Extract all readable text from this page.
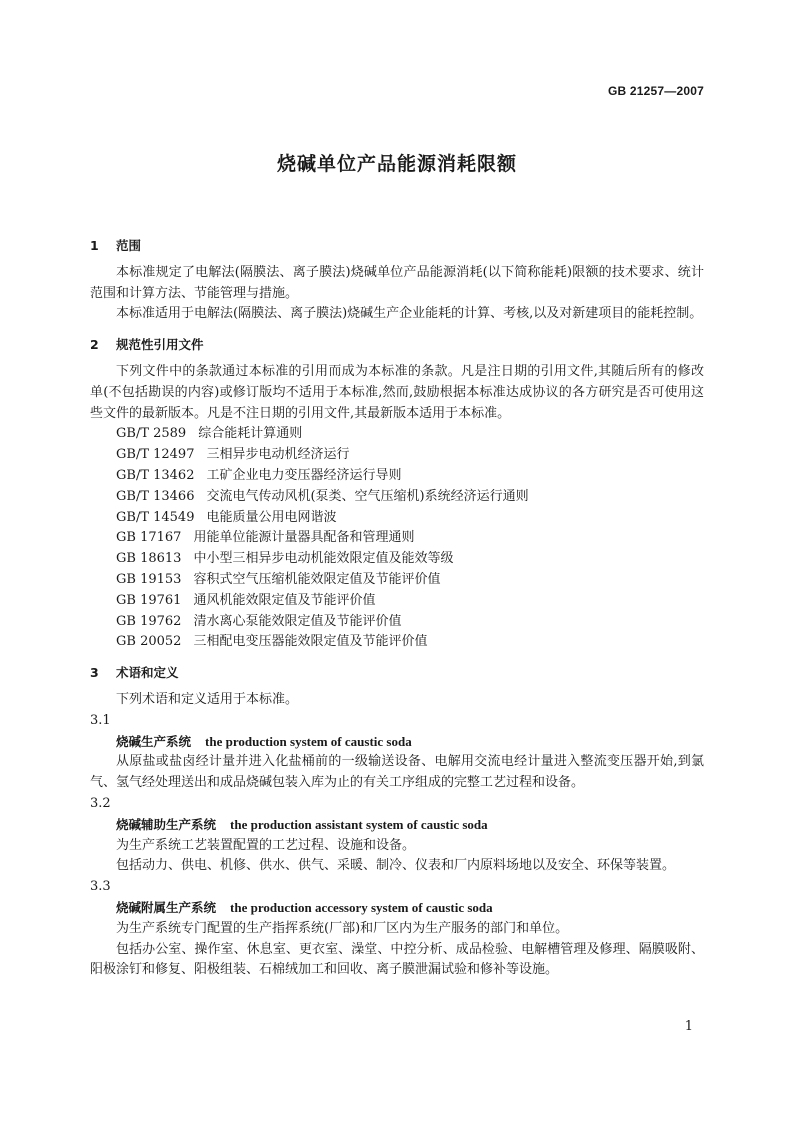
GB 21257—2007
烧碱单位产品能源消耗限额

1 范围

本标准规定了电解法(隔膜法、离子膜法)烧碱单位产品能源消耗(以下简称能耗)限额的技术要求、统计范围和计算方法、节能管理与措施。

本标准适用于电解法(隔膜法、离子膜法)烧碱生产企业能耗的计算、考核,以及对新建项目的能耗控制。

2 规范性引用文件

下列文件中的条款通过本标准的引用而成为本标准的条款。凡是注日期的引用文件,其随后所有的修改单(不包括勘误的内容)或修订版均不适用于本标准,然而,鼓励根据本标准达成协议的各方研究是否可使用这些文件的最新版本。凡是不注日期的引用文件,其最新版本适用于本标准。

GB/T 2589 综合能耗计算通则

GB/T 12497 三相异步电动机经济运行

GB/T 13462 工矿企业电力变压器经济运行导则

GB/T 13466 交流电气传动风机(泵类、空气压缩机)系统经济运行通则

GB/T 14549 电能质量公用电网谐波

GB 17167 用能单位能源计量器具配备和管理通则

GB 18613 中小型三相异步电动机能效限定值及能效等级

GB 19153 容积式空气压缩机能效限定值及节能评价值

GB 19761 通风机能效限定值及节能评价值

GB 19762 清水离心泵能效限定值及节能评价值

GB 20052 三相配电变压器能效限定值及节能评价值

3 术语和定义

下列术语和定义适用于本标准。

3.1

烧碱生产系统 the production system of caustic soda

从原盐或盐卤经计量并进入化盐桶前的一级输送设备、电解用交流电经计量进入整流变压器开始,到氯气、氢气经处理送出和成品烧碱包装入库为止的有关工序组成的完整工艺过程和设备。

3.2

烧碱辅助生产系统 the production assistant system of caustic soda

为生产系统工艺装置配置的工艺过程、设施和设备。

包括动力、供电、机修、供水、供气、采暖、制冷、仪表和厂内原料场地以及安全、环保等装置。

3.3

烧碱附属生产系统 the production accessory system of caustic soda

为生产系统专门配置的生产指挥系统(厂部)和厂区内为生产服务的部门和单位。

包括办公室、操作室、休息室、更衣室、澡堂、中控分析、成品检验、电解槽管理及修理、隔膜吸附、阳极涂钉和修复、阳极组装、石棉绒加工和回收、离子膜泄漏试验和修补等设施。

1
